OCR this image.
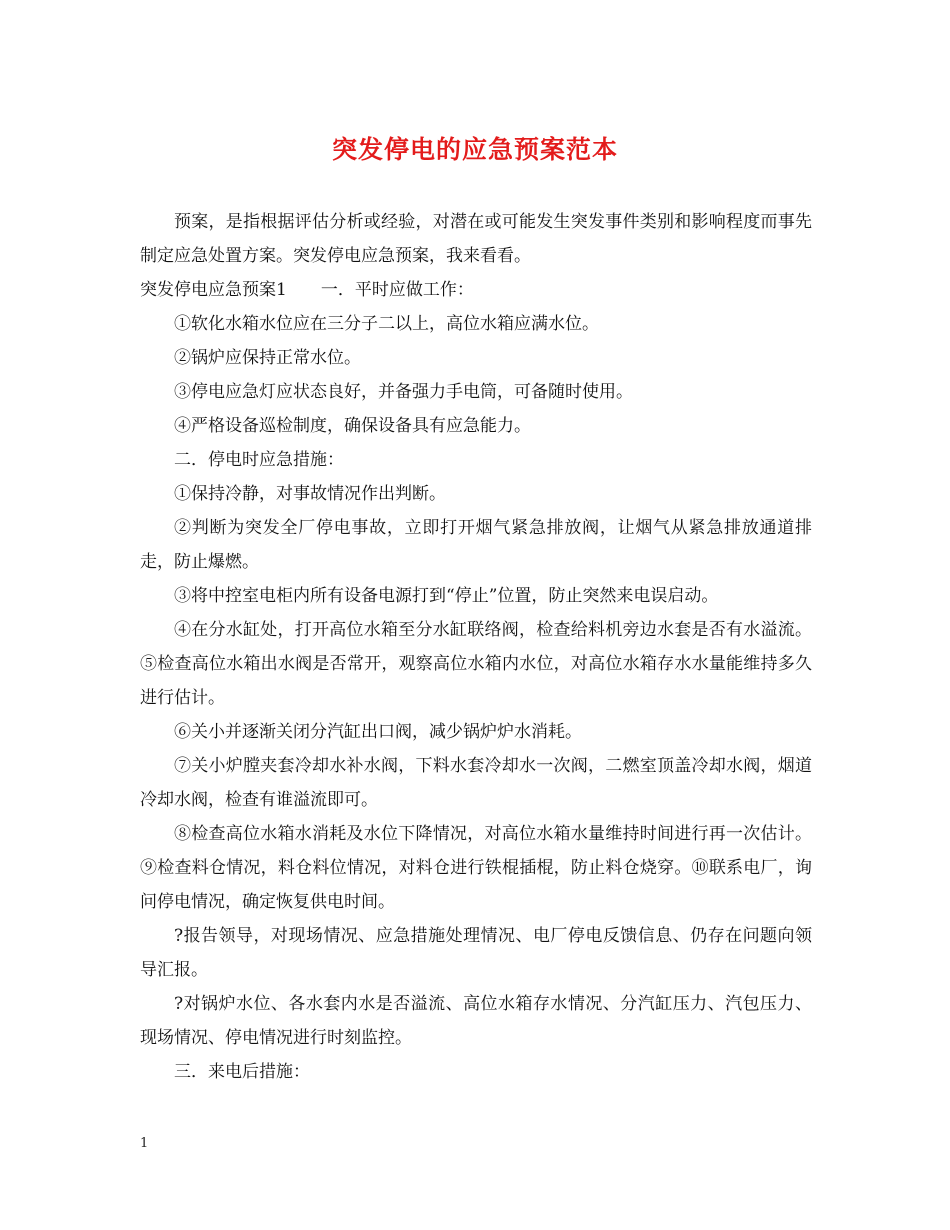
突发停电的应急预案范本

预案，是指根据评估分析或经验，对潜在或可能发生突发事件类别和影响程度而事先制定应急处置方案。突发停电应急预案，我来看看。

突发停电应急预案1　　一．平时应做工作：

①软化水箱水位应在三分子二以上，高位水箱应满水位。

②锅炉应保持正常水位。

③停电应急灯应状态良好，并备强力手电筒，可备随时使用。

④严格设备巡检制度，确保设备具有应急能力。

二．停电时应急措施：

①保持冷静，对事故情况作出判断。

②判断为突发全厂停电事故，立即打开烟气紧急排放阀，让烟气从紧急排放通道排走，防止爆燃。

③将中控室电柜内所有设备电源打到“停止”位置，防止突然来电误启动。

④在分水缸处，打开高位水箱至分水缸联络阀，检查给料机旁边水套是否有水溢流。 ⑤检查高位水箱出水阀是否常开，观察高位水箱内水位，对高位水箱存水水量能维持多久进行估计。

⑥关小并逐渐关闭分汽缸出口阀，减少锅炉炉水消耗。

⑦关小炉膛夹套冷却水补水阀，下料水套冷却水一次阀，二燃室顶盖冷却水阀，烟道冷却水阀，检查有谁溢流即可。

⑧检查高位水箱水消耗及水位下降情况，对高位水箱水量维持时间进行再一次估计。 ⑨检查料仓情况，料仓料位情况，对料仓进行铁棍插棍，防止料仓烧穿。⑩联系电厂，询问停电情况，确定恢复供电时间。

?报告领导，对现场情况、应急措施处理情况、电厂停电反馈信息、仍存在问题向领导汇报。

?对锅炉水位、各水套内水是否溢流、高位水箱存水情况、分汽缸压力、汽包压力、现场情况、停电情况进行时刻监控。

三．来电后措施：

1
